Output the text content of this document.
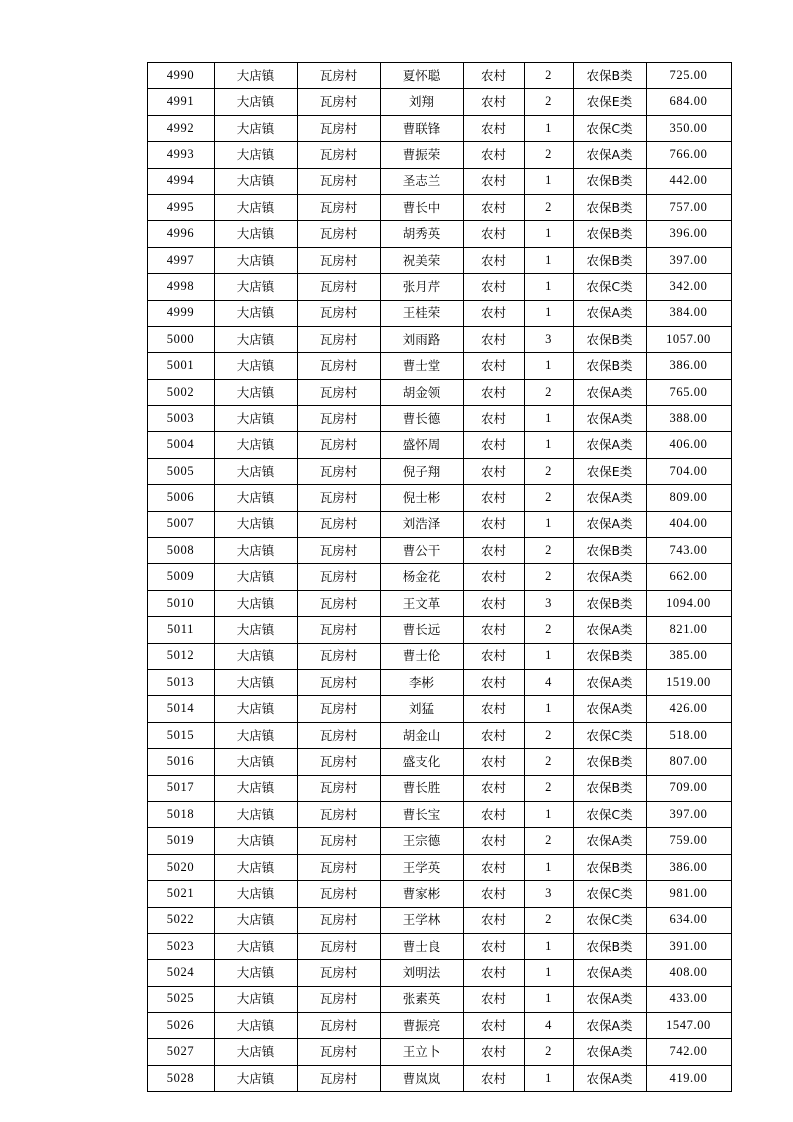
4990	大店镇	瓦房村	夏怀聪	农村	2	农保B类	725.00
4991	大店镇	瓦房村	刘翔	农村	2	农保E类	684.00
4992	大店镇	瓦房村	曹联锋	农村	1	农保C类	350.00
4993	大店镇	瓦房村	曹振荣	农村	2	农保A类	766.00
4994	大店镇	瓦房村	圣志兰	农村	1	农保B类	442.00
4995	大店镇	瓦房村	曹长中	农村	2	农保B类	757.00
4996	大店镇	瓦房村	胡秀英	农村	1	农保B类	396.00
4997	大店镇	瓦房村	祝美荣	农村	1	农保B类	397.00
4998	大店镇	瓦房村	张月芹	农村	1	农保C类	342.00
4999	大店镇	瓦房村	王桂荣	农村	1	农保A类	384.00
5000	大店镇	瓦房村	刘雨路	农村	3	农保B类	1057.00
5001	大店镇	瓦房村	曹士堂	农村	1	农保B类	386.00
5002	大店镇	瓦房村	胡金领	农村	2	农保A类	765.00
5003	大店镇	瓦房村	曹长德	农村	1	农保A类	388.00
5004	大店镇	瓦房村	盛怀周	农村	1	农保A类	406.00
5005	大店镇	瓦房村	倪子翔	农村	2	农保E类	704.00
5006	大店镇	瓦房村	倪士彬	农村	2	农保A类	809.00
5007	大店镇	瓦房村	刘浩泽	农村	1	农保A类	404.00
5008	大店镇	瓦房村	曹公干	农村	2	农保B类	743.00
5009	大店镇	瓦房村	杨金花	农村	2	农保A类	662.00
5010	大店镇	瓦房村	王文革	农村	3	农保B类	1094.00
5011	大店镇	瓦房村	曹长远	农村	2	农保A类	821.00
5012	大店镇	瓦房村	曹士伦	农村	1	农保B类	385.00
5013	大店镇	瓦房村	李彬	农村	4	农保A类	1519.00
5014	大店镇	瓦房村	刘猛	农村	1	农保A类	426.00
5015	大店镇	瓦房村	胡金山	农村	2	农保C类	518.00
5016	大店镇	瓦房村	盛支化	农村	2	农保B类	807.00
5017	大店镇	瓦房村	曹长胜	农村	2	农保B类	709.00
5018	大店镇	瓦房村	曹长宝	农村	1	农保C类	397.00
5019	大店镇	瓦房村	王宗德	农村	2	农保A类	759.00
5020	大店镇	瓦房村	王学英	农村	1	农保B类	386.00
5021	大店镇	瓦房村	曹家彬	农村	3	农保C类	981.00
5022	大店镇	瓦房村	王学林	农村	2	农保C类	634.00
5023	大店镇	瓦房村	曹士良	农村	1	农保B类	391.00
5024	大店镇	瓦房村	刘明法	农村	1	农保A类	408.00
5025	大店镇	瓦房村	张素英	农村	1	农保A类	433.00
5026	大店镇	瓦房村	曹振亮	农村	4	农保A类	1547.00
5027	大店镇	瓦房村	王立卜	农村	2	农保A类	742.00
5028	大店镇	瓦房村	曹岚岚	农村	1	农保A类	419.00
